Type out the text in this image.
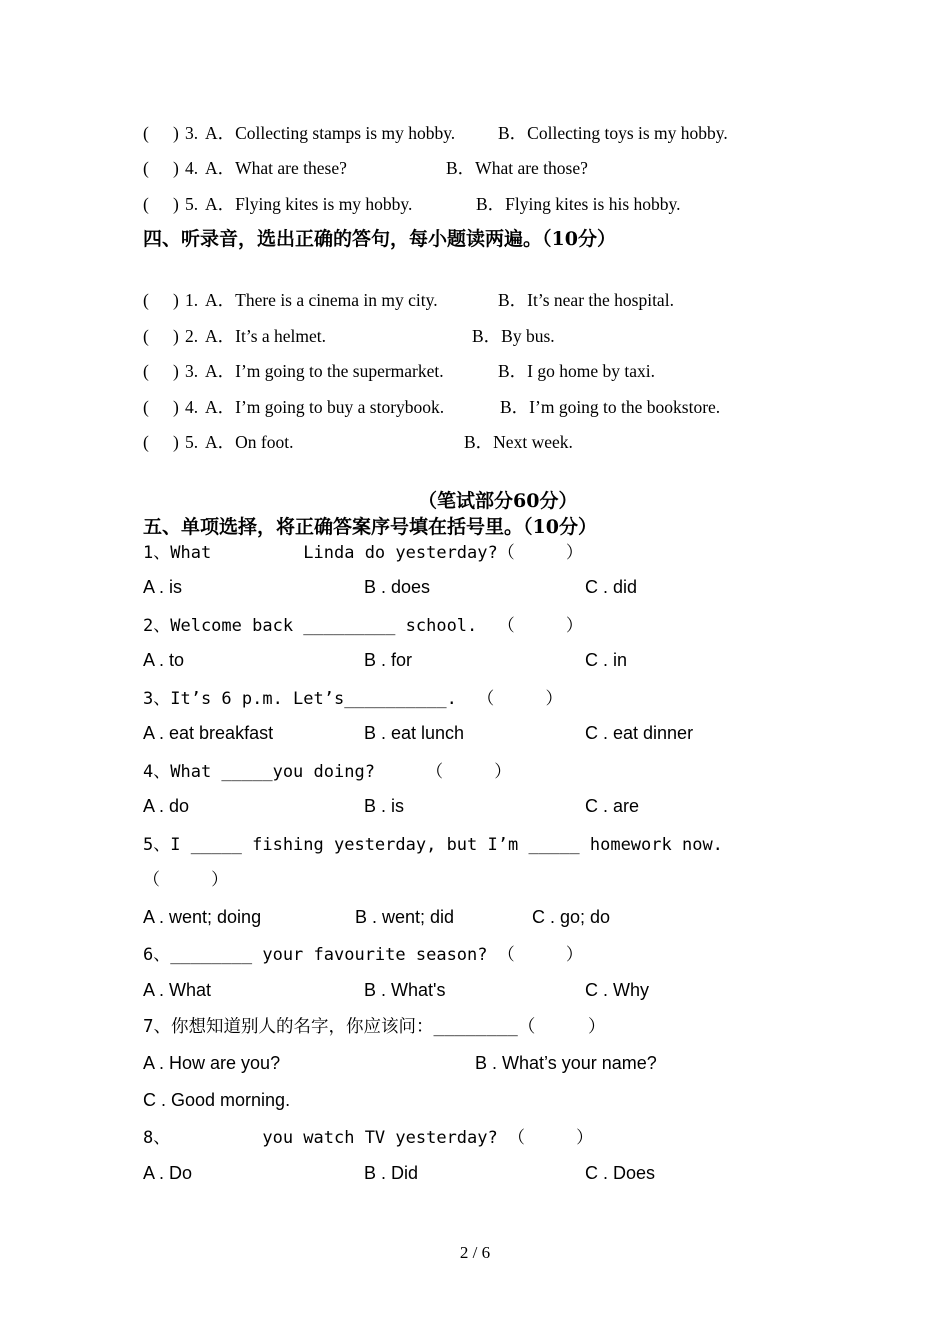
( ) 3. A．Collecting stamps is my hobby. B．Collecting toys is my hobby.
( ) 4. A．What are these?	B．What are those?
( ) 5. A．Flying kites is my hobby.	B．Flying kites is his hobby.
四、听录音，选出正确的答句，每小题读两遍。（10分）
( ) 1. A．There is a cinema in my city.	B．It’s near the hospital.
( ) 2. A．It’s a helmet.	B．By bus.
( ) 3. A．I’m going to the supermarket.	B．I go home by taxi.
( ) 4. A．I’m going to buy a storybook.	B．I’m going to the bookstore.
( ) 5. A．On foot.	B．Next week.
（笔试部分60分）
五、单项选择，将正确答案序号填在括号里。（10分）
1、What         Linda do yesterday?（     ）
A . is	B . does	C . did
2、Welcome back _________ school.  （     ）
A . to	B . for	C . in
3、It’s 6 p.m. Let’s__________.  （     ）
A . eat breakfast	B . eat lunch	C . eat dinner
4、What _____you doing?     （     ）
A . do	B . is	C . are
5、I _____ fishing yesterday, but I’m _____ homework now.
（     ）
A . went; doing	B . went; did	C . go; do
6、________ your favourite season? （     ）
A . What	B . What's	C . Why
7、你想知道别人的名字，你应该问：________（     ）
A . How are you?	B . What’s your name?
C . Good morning.
8、         you watch TV yesterday? （     ）
A . Do	B . Did	C . Does
2 / 6
